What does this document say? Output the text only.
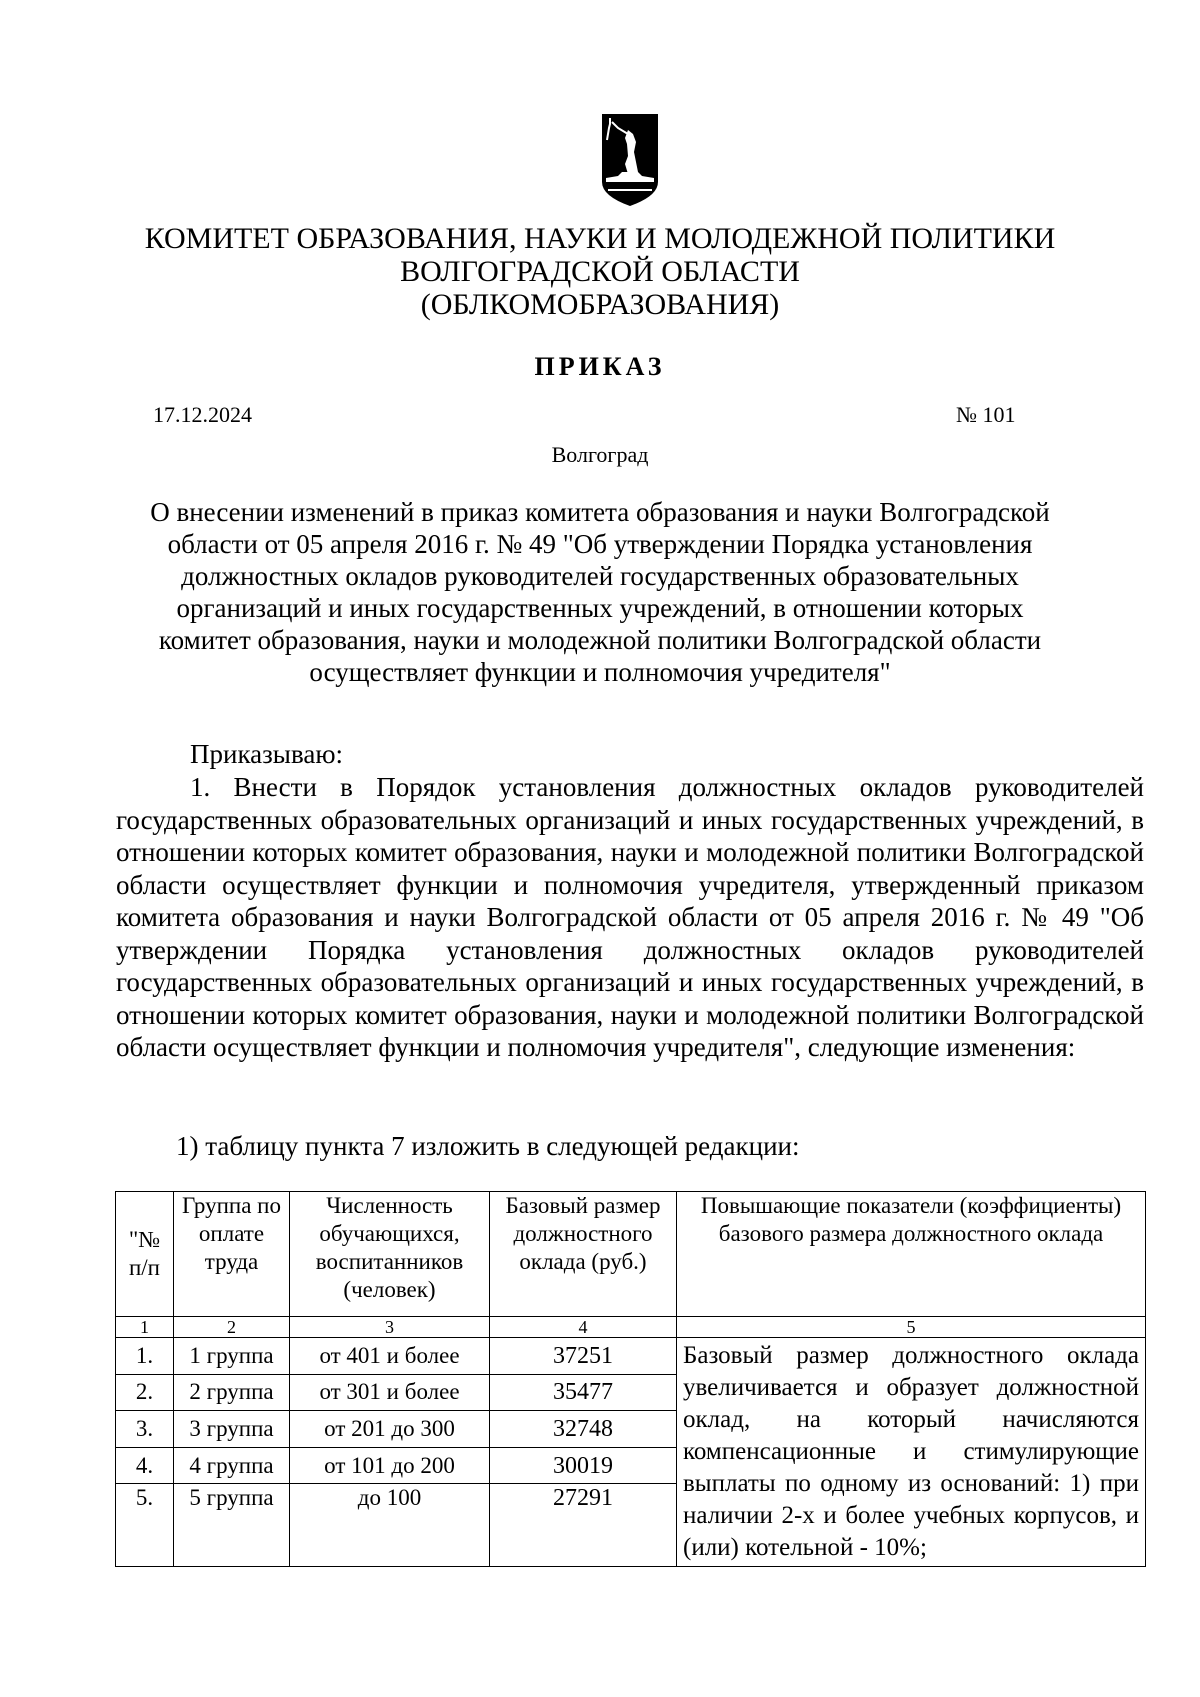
КОМИТЕТ ОБРАЗОВАНИЯ, НАУКИ И МОЛОДЕЖНОЙ ПОЛИТИКИ
ВОЛГОГРАДСКОЙ ОБЛАСТИ
(ОБЛКОМОБРАЗОВАНИЯ)
ПРИКАЗ
17.12.2024	№ 101
Волгоград
О внесении изменений в приказ комитета образования и науки Волгоградской области от 05 апреля 2016 г. № 49 "Об утверждении Порядка установления должностных окладов руководителей государственных образовательных организаций и иных государственных учреждений, в отношении которых комитет образования, науки и молодежной политики Волгоградской области осуществляет функции и полномочия учредителя"
Приказываю:
1. Внести в Порядок установления должностных окладов руководителей государственных образовательных организаций и иных государственных учреждений, в отношении которых комитет образования, науки и молодежной политики Волгоградской области осуществляет функции и полномочия учредителя, утвержденный приказом комитета образования и науки Волгоградской области от 05 апреля 2016 г. № 49 "Об утверждении Порядка установления должностных окладов руководителей государственных образовательных организаций и иных государственных учреждений, в отношении которых комитет образования, науки и молодежной политики Волгоградской области осуществляет функции и полномочия учредителя", следующие изменения:
1) таблицу пункта 7 изложить в следующей редакции:
"№ п/п	Группа по оплате труда	Численность обучающихся, воспитанников (человек)	Базовый размер должностного оклада (руб.)	Повышающие показатели (коэффициенты) базового размера должностного оклада
1	2	3	4	5
1.	1 группа	от 401 и более	37251	Базовый размер должностного оклада увеличивается и образует должностной оклад, на который начисляются компенсационные и стимулирующие выплаты по одному из оснований: 1) при наличии 2-х и более учебных корпусов, и (или) котельной - 10%;
2.	2 группа	от 301 и более	35477	
3.	3 группа	от 201 до 300	32748	
4.	4 группа	от 101 до 200	30019	
5.	5 группа	до 100	27291	
